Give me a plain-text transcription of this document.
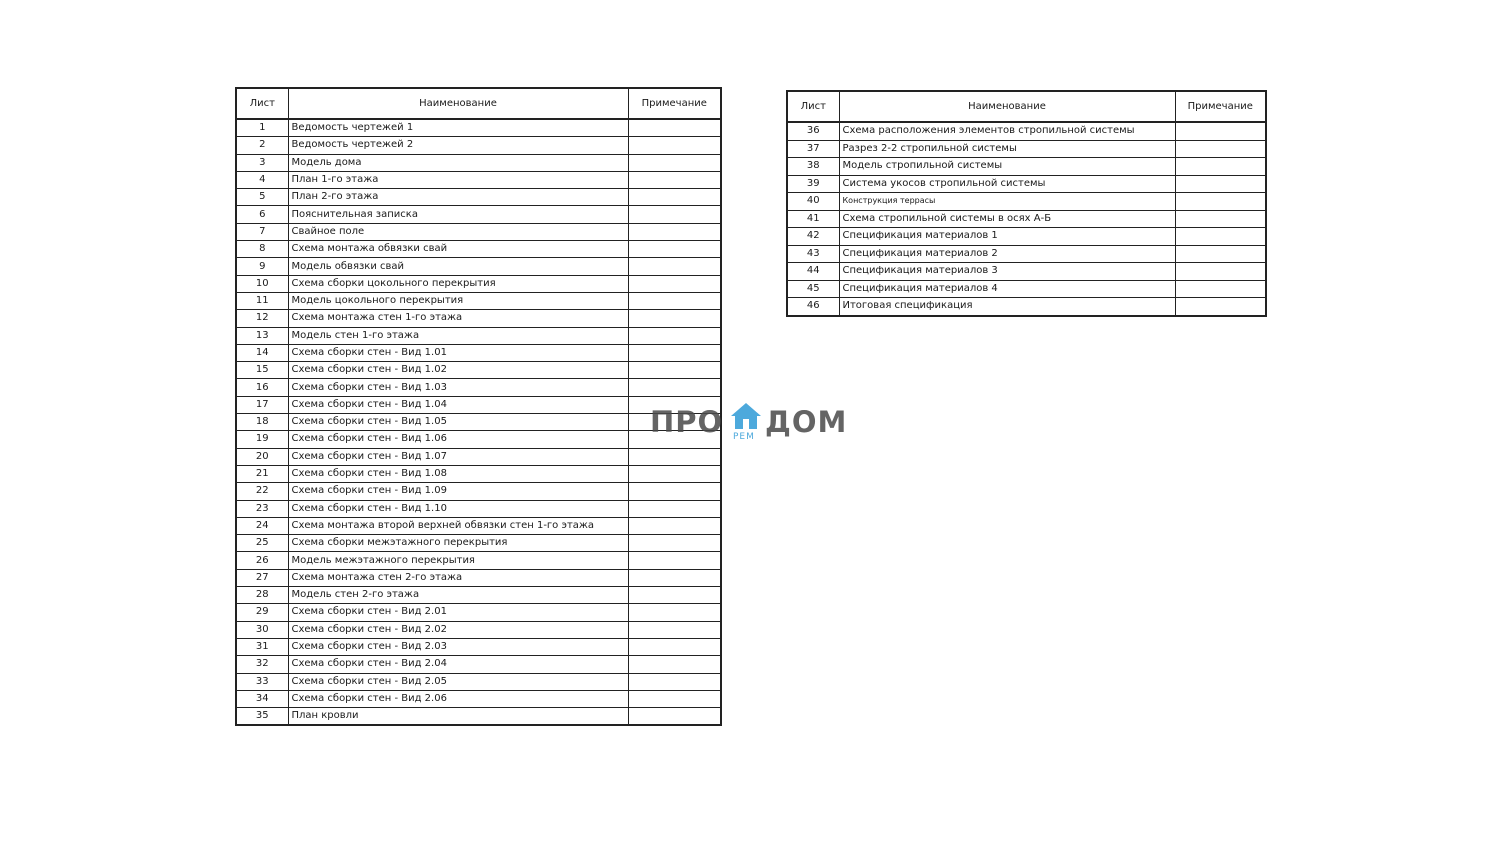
Лист	Наименование	Примечание
1	Ведомость чертежей 1	
2	Ведомость чертежей 2	
3	Модель дома	
4	План 1-го этажа	
5	План 2-го этажа	
6	Пояснительная записка	
7	Свайное поле	
8	Схема монтажа обвязки свай	
9	Модель обвязки свай	
10	Схема сборки цокольного перекрытия	
11	Модель цокольного перекрытия	
12	Схема монтажа стен 1-го этажа	
13	Модель стен 1-го этажа	
14	Схема сборки стен - Вид 1.01	
15	Схема сборки стен - Вид 1.02	
16	Схема сборки стен - Вид 1.03	
17	Схема сборки стен - Вид 1.04	
18	Схема сборки стен - Вид 1.05	
19	Схема сборки стен - Вид 1.06	
20	Схема сборки стен - Вид 1.07	
21	Схема сборки стен - Вид 1.08	
22	Схема сборки стен - Вид 1.09	
23	Схема сборки стен - Вид 1.10	
24	Схема монтажа второй верхней обвязки стен 1-го этажа	
25	Схема сборки межэтажного перекрытия	
26	Модель межэтажного перекрытия	
27	Схема монтажа стен 2-го этажа	
28	Модель стен 2-го этажа	
29	Схема сборки стен - Вид 2.01	
30	Схема сборки стен - Вид 2.02	
31	Схема сборки стен - Вид 2.03	
32	Схема сборки стен - Вид 2.04	
33	Схема сборки стен - Вид 2.05	
34	Схема сборки стен - Вид 2.06	
35	План кровли	
Лист	Наименование	Примечание
36	Схема расположения элементов стропильной системы	
37	Разрез 2-2 стропильной системы	
38	Модель стропильной системы	
39	Система укосов стропильной системы	
40	Конструкция террасы	
41	Схема стропильной системы в осях А-Б	
42	Спецификация материалов 1	
43	Спецификация материалов 2	
44	Спецификация материалов 3	
45	Спецификация материалов 4	
46	Итоговая спецификация	
ПРО РЕМ ДОМ
